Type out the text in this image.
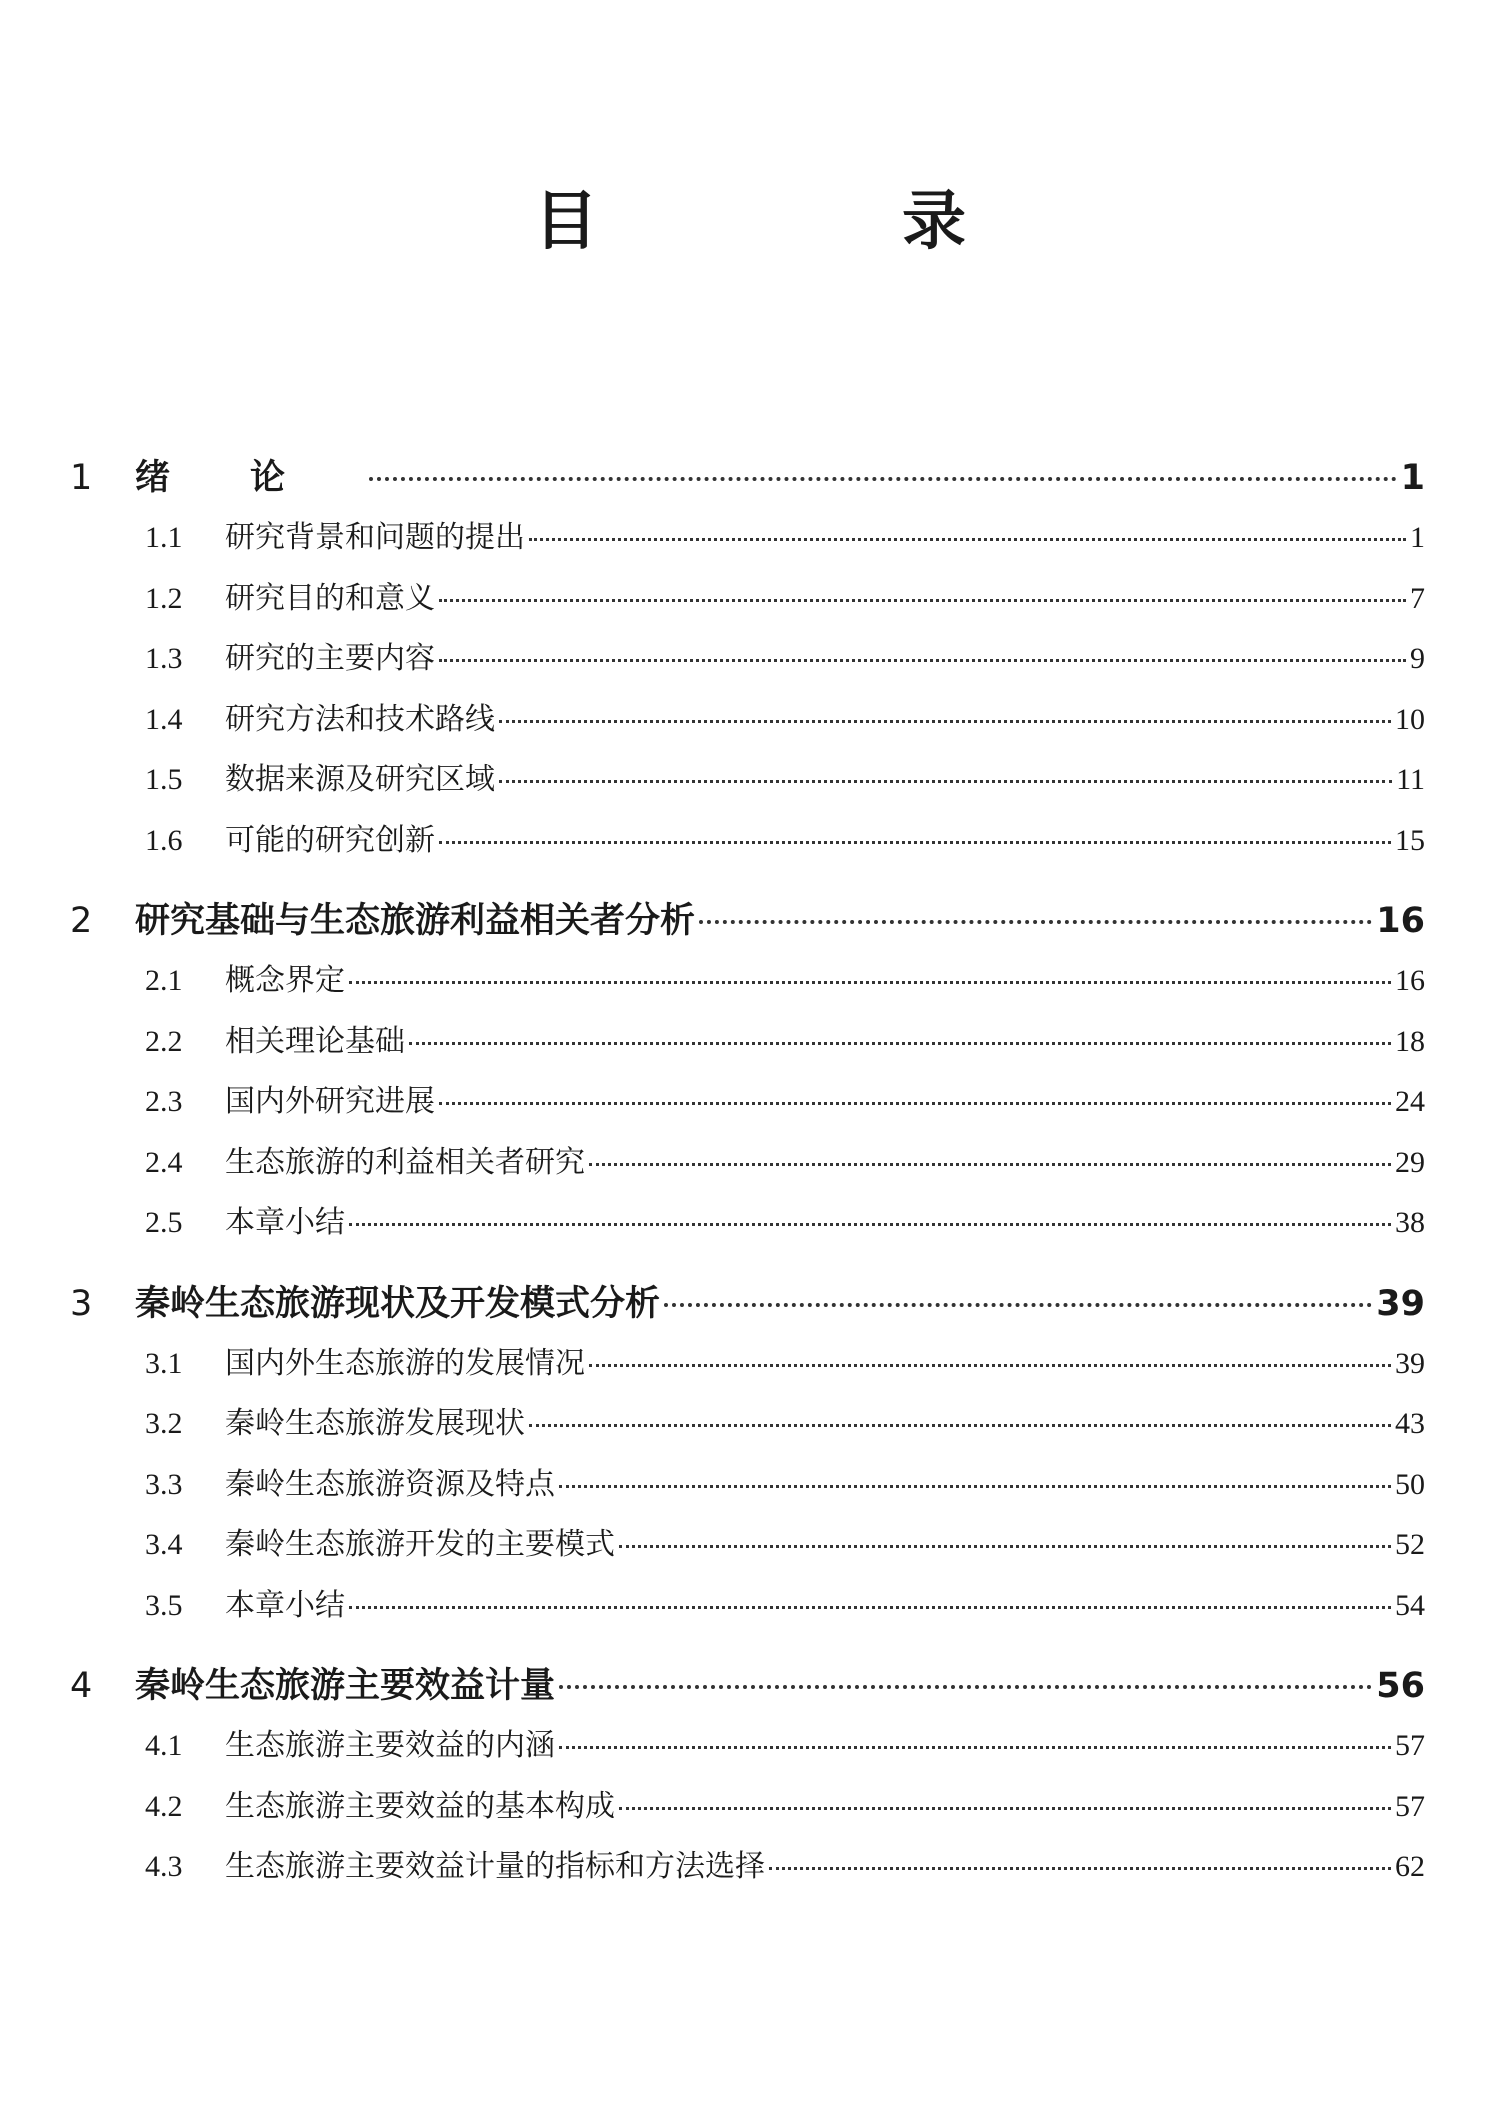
目　录
1	绪论	1
1.1	研究背景和问题的提出	1
1.2	研究目的和意义	7
1.3	研究的主要内容	9
1.4	研究方法和技术路线	10
1.5	数据来源及研究区域	11
1.6	可能的研究创新	15
2	研究基础与生态旅游利益相关者分析	16
2.1	概念界定	16
2.2	相关理论基础	18
2.3	国内外研究进展	24
2.4	生态旅游的利益相关者研究	29
2.5	本章小结	38
3	秦岭生态旅游现状及开发模式分析	39
3.1	国内外生态旅游的发展情况	39
3.2	秦岭生态旅游发展现状	43
3.3	秦岭生态旅游资源及特点	50
3.4	秦岭生态旅游开发的主要模式	52
3.5	本章小结	54
4	秦岭生态旅游主要效益计量	56
4.1	生态旅游主要效益的内涵	57
4.2	生态旅游主要效益的基本构成	57
4.3	生态旅游主要效益计量的指标和方法选择	62
